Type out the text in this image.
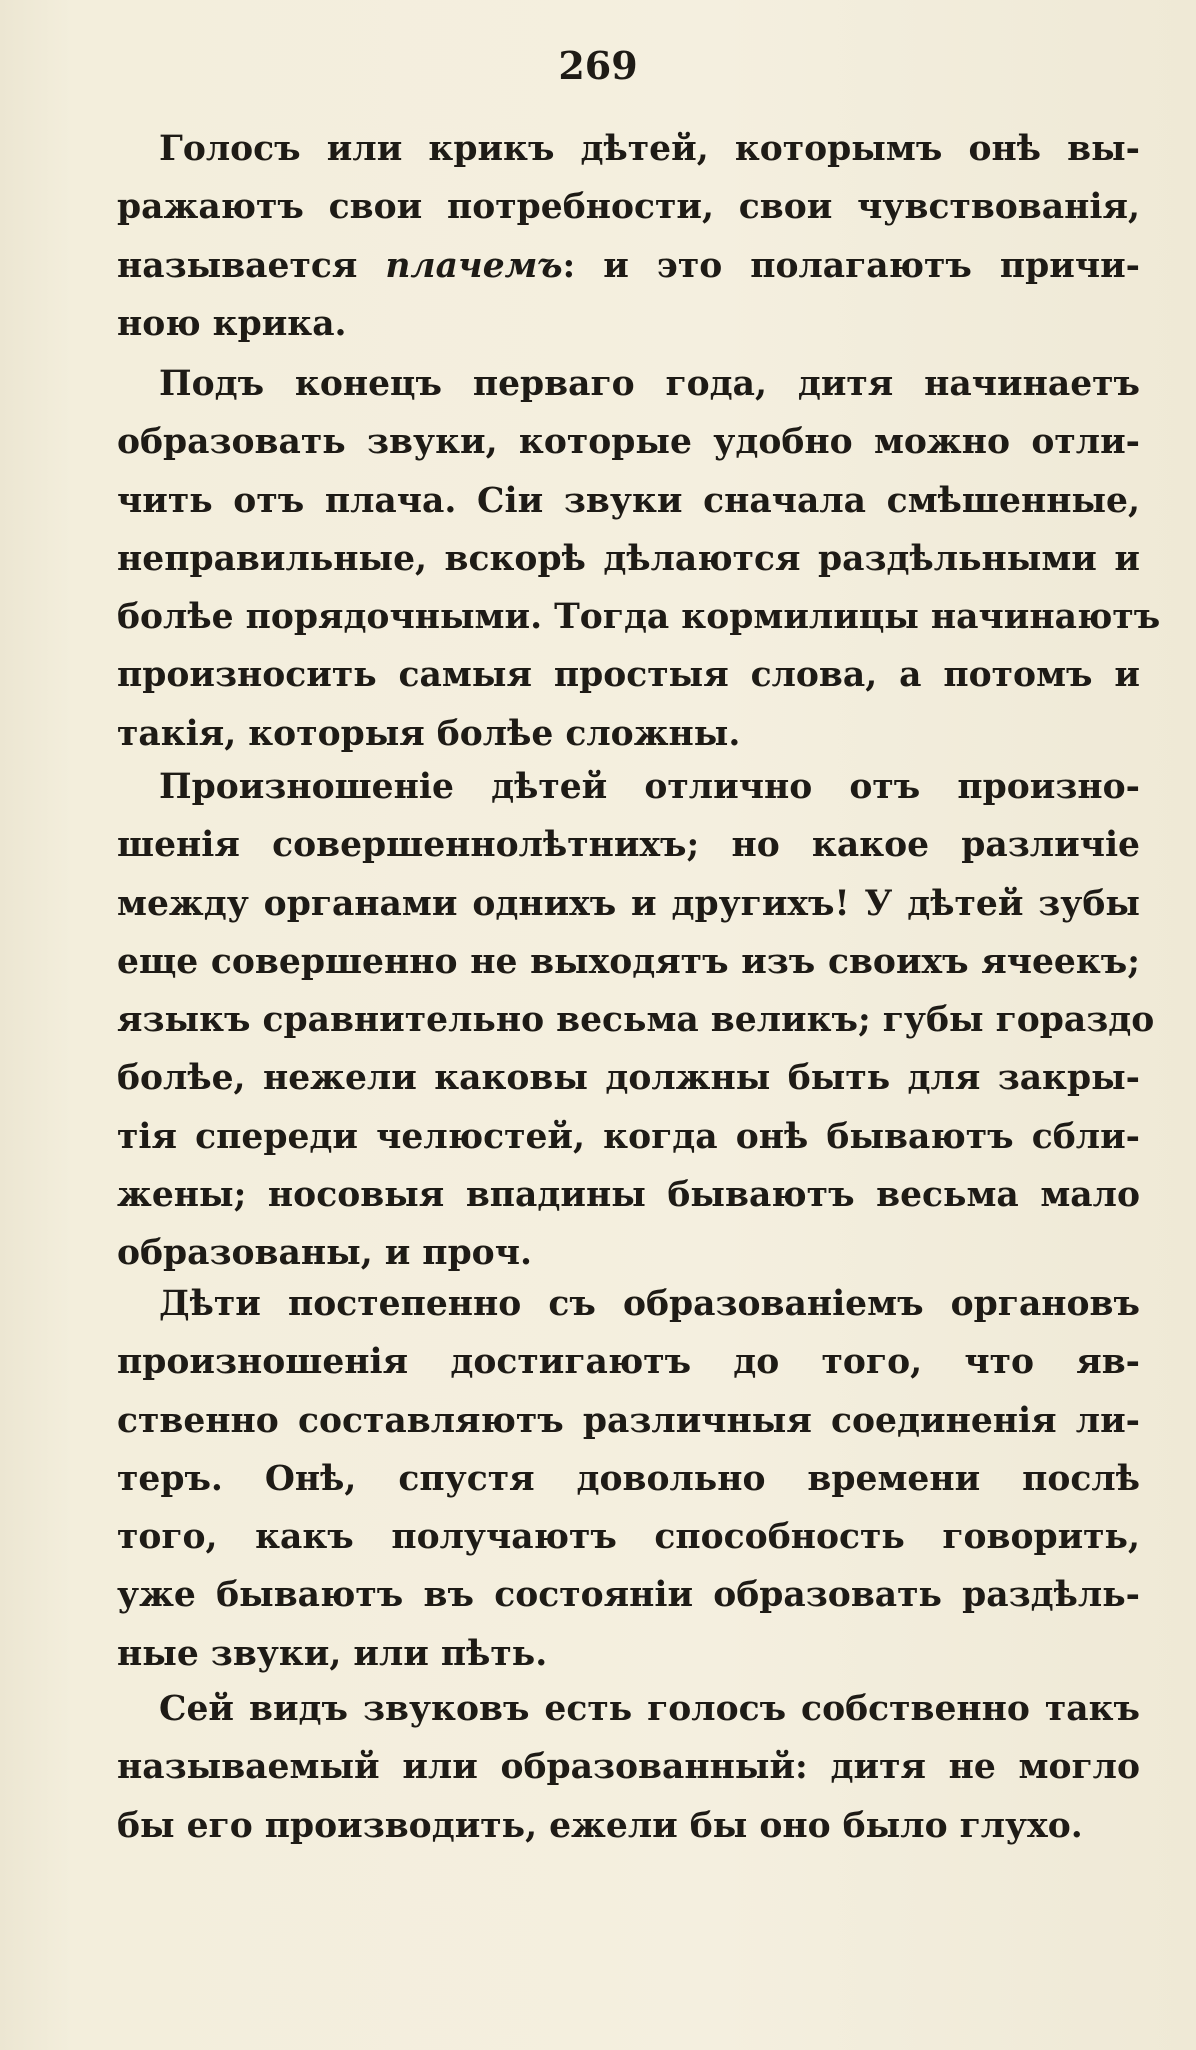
269
Голосъ или крикъ дѣтей, которымъ онѣ вы-
ражаютъ свои потребности, свои чувствованія,
называется плачемъ: и это полагаютъ причи-
ною крика.
Подъ конецъ перваго года, дитя начинаетъ
образовать звуки, которые удобно можно отли-
чить отъ плача. Сіи звуки сначала смѣшенные,
неправильные, вскорѣ дѣлаются раздѣльными и
болѣе порядочными. Тогда кормилицы начинаютъ
произносить самыя простыя слова, а потомъ и
такія, которыя болѣе сложны.
Произношеніе дѣтей отлично отъ произно-
шенія совершеннолѣтнихъ; но какое различіе
между органами однихъ и другихъ! У дѣтей зубы
еще совершенно не выходятъ изъ своихъ ячеекъ;
языкъ сравнительно весьма великъ; губы гораздо
болѣе, нежели каковы должны быть для закры-
тія спереди челюстей, когда онѣ бываютъ сбли-
жены; носовыя впадины бываютъ весьма мало
образованы, и проч.
Дѣти постепенно съ образованіемъ органовъ
произношенія достигаютъ до того, что яв-
ственно составляютъ различныя соединенія ли-
теръ. Онѣ, спустя довольно времени послѣ
того, какъ получаютъ способность говорить,
уже бываютъ въ состояніи образовать раздѣль-
ные звуки, или пѣть.
Сей видъ звуковъ есть голосъ собственно такъ
называемый или образованный: дитя не могло
бы его производить, ежели бы оно было глухо.
